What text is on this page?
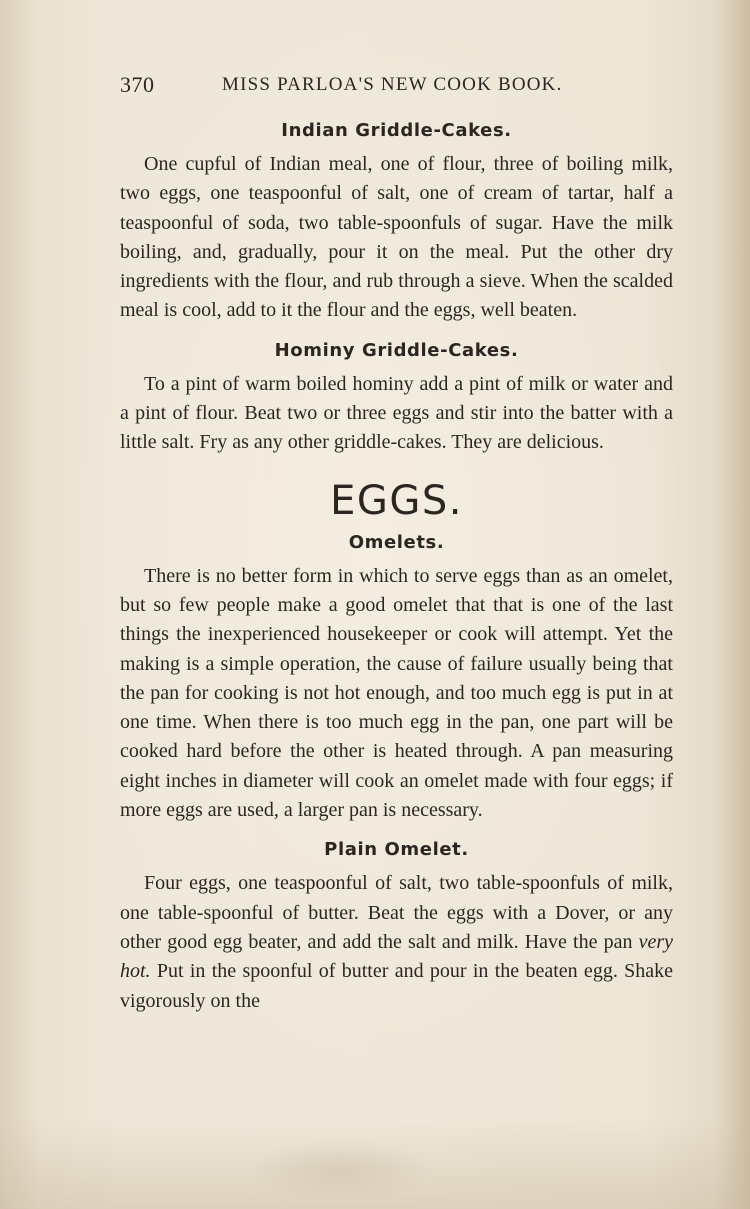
370	MISS PARLOA'S NEW COOK BOOK.
Indian Griddle-Cakes.

One cupful of Indian meal, one of flour, three of boiling milk, two eggs, one teaspoonful of salt, one of cream of tartar, half a teaspoonful of soda, two table-spoonfuls of sugar. Have the milk boiling, and, gradually, pour it on the meal. Put the other dry ingredients with the flour, and rub through a sieve. When the scalded meal is cool, add to it the flour and the eggs, well beaten.

Hominy Griddle-Cakes.

To a pint of warm boiled hominy add a pint of milk or water and a pint of flour. Beat two or three eggs and stir into the batter with a little salt. Fry as any other griddle-cakes. They are delicious.

EGGS.
Omelets.

There is no better form in which to serve eggs than as an omelet, but so few people make a good omelet that that is one of the last things the inexperienced housekeeper or cook will attempt. Yet the making is a simple operation, the cause of failure usually being that the pan for cooking is not hot enough, and too much egg is put in at one time. When there is too much egg in the pan, one part will be cooked hard before the other is heated through. A pan measuring eight inches in diameter will cook an omelet made with four eggs; if more eggs are used, a larger pan is necessary.

Plain Omelet.

Four eggs, one teaspoonful of salt, two table-spoonfuls of milk, one table-spoonful of butter. Beat the eggs with a Dover, or any other good egg beater, and add the salt and milk. Have the pan very hot. Put in the spoonful of butter and pour in the beaten egg. Shake vigorously on the
